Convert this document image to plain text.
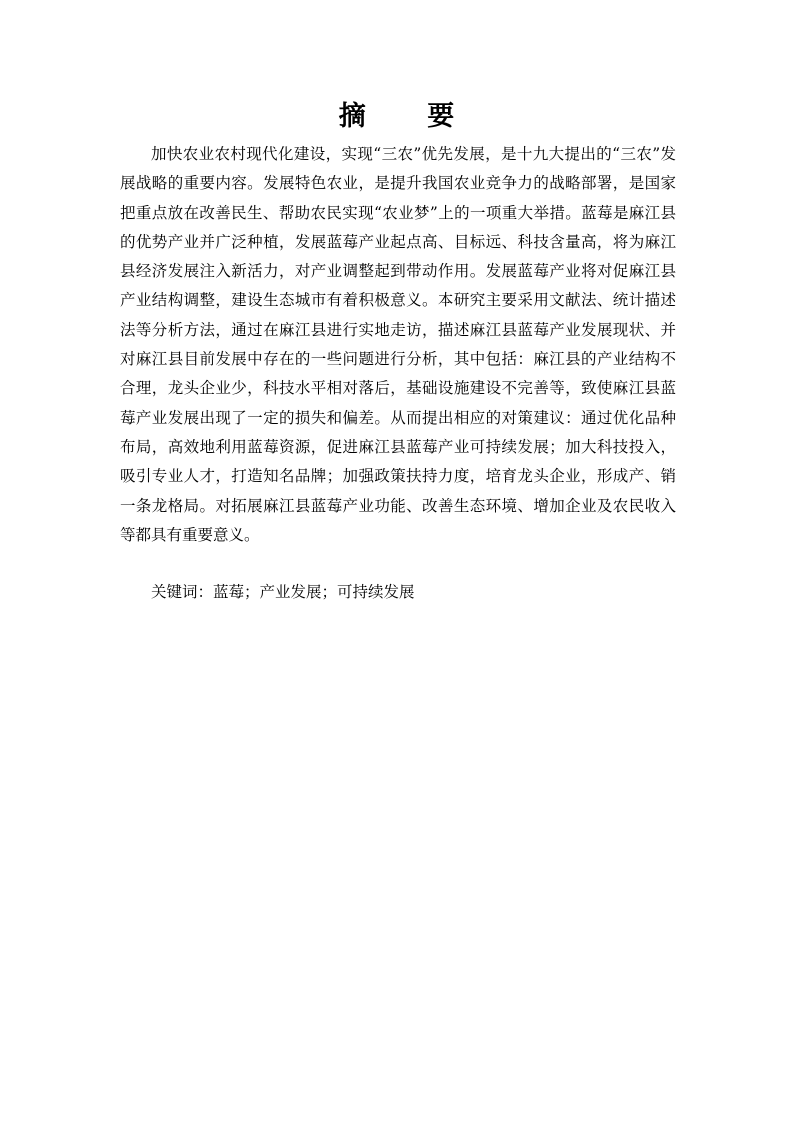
摘 要

加快农业农村现代化建设，实现“三农”优先发展，是十九大提出的“三农”发展战略的重要内容。发展特色农业，是提升我国农业竞争力的战略部署，是国家把重点放在改善民生、帮助农民实现“农业梦”上的一项重大举措。蓝莓是麻江县的优势产业并广泛种植，发展蓝莓产业起点高、目标远、科技含量高，将为麻江县经济发展注入新活力，对产业调整起到带动作用。发展蓝莓产业将对促麻江县产业结构调整，建设生态城市有着积极意义。本研究主要采用文献法、统计描述法等分析方法，通过在麻江县进行实地走访，描述麻江县蓝莓产业发展现状、并对麻江县目前发展中存在的一些问题进行分析，其中包括：麻江县的产业结构不合理，龙头企业少，科技水平相对落后，基础设施建设不完善等，致使麻江县蓝莓产业发展出现了一定的损失和偏差。从而提出相应的对策建议：通过优化品种布局，高效地利用蓝莓资源，促进麻江县蓝莓产业可持续发展；加大科技投入，吸引专业人才，打造知名品牌；加强政策扶持力度，培育龙头企业，形成产、销一条龙格局。对拓展麻江县蓝莓产业功能、改善生态环境、增加企业及农民收入等都具有重要意义。

关键词：蓝莓；产业发展；可持续发展
